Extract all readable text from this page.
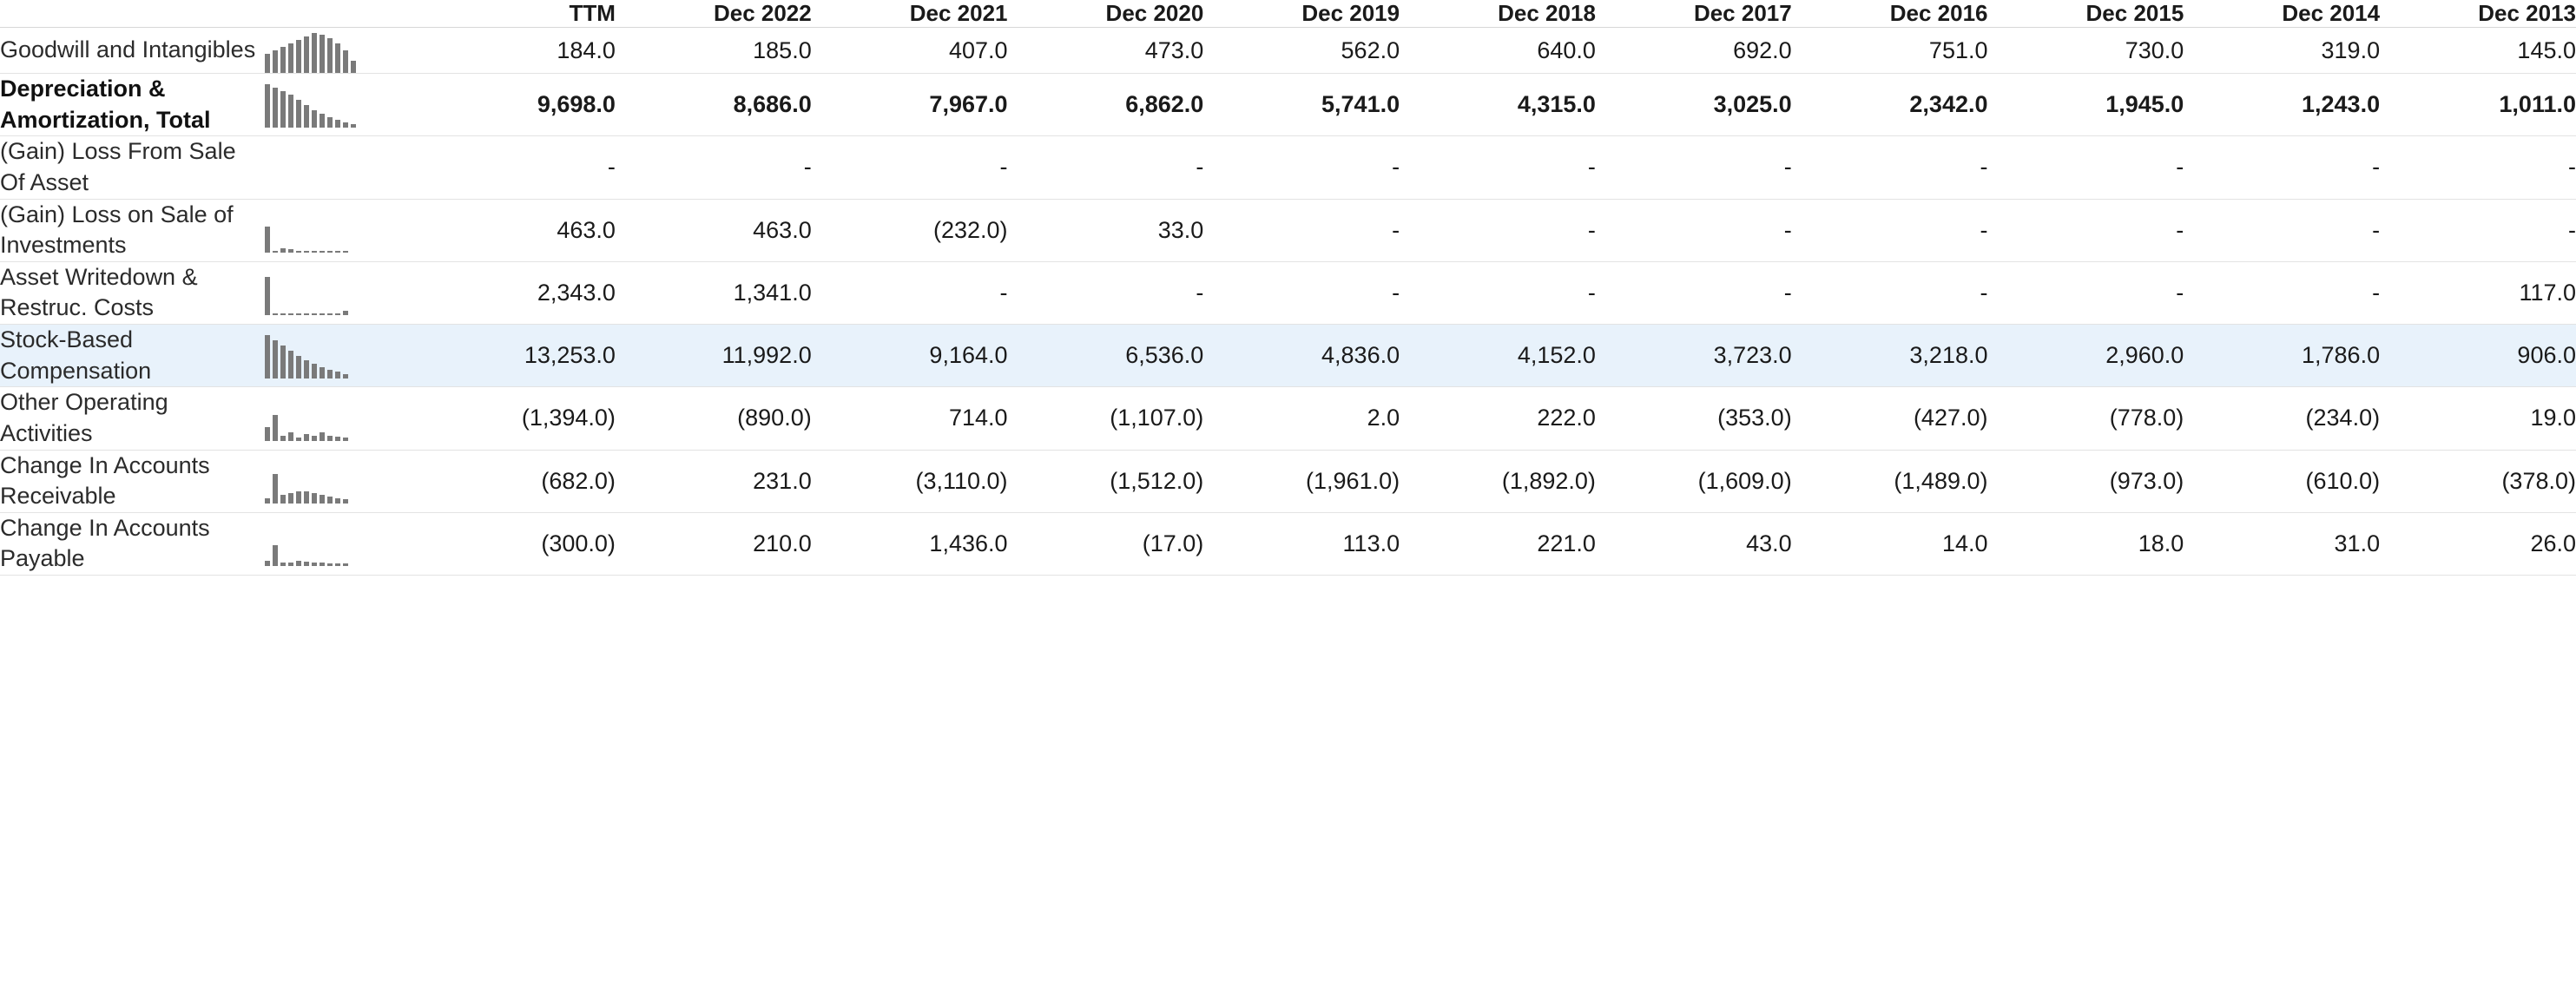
		TTM	Dec 2022	Dec 2021	Dec 2020	Dec 2019	Dec 2018	Dec 2017	Dec 2016	Dec 2015	Dec 2014	Dec 2013
Goodwill and Intangibles		184.0	185.0	407.0	473.0	562.0	640.0	692.0	751.0	730.0	319.0	145.0
Depreciation & Amortization, Total		9,698.0	8,686.0	7,967.0	6,862.0	5,741.0	4,315.0	3,025.0	2,342.0	1,945.0	1,243.0	1,011.0
(Gain) Loss From Sale Of Asset		-	-	-	-	-	-	-	-	-	-	-
(Gain) Loss on Sale of Investments		463.0	463.0	(232.0)	33.0	-	-	-	-	-	-	-
Asset Writedown & Restruc. Costs		2,343.0	1,341.0	-	-	-	-	-	-	-	-	117.0
Stock-Based Compensation		13,253.0	11,992.0	9,164.0	6,536.0	4,836.0	4,152.0	3,723.0	3,218.0	2,960.0	1,786.0	906.0
Other Operating Activities		(1,394.0)	(890.0)	714.0	(1,107.0)	2.0	222.0	(353.0)	(427.0)	(778.0)	(234.0)	19.0
Change In Accounts Receivable		(682.0)	231.0	(3,110.0)	(1,512.0)	(1,961.0)	(1,892.0)	(1,609.0)	(1,489.0)	(973.0)	(610.0)	(378.0)
Change In Accounts Payable		(300.0)	210.0	1,436.0	(17.0)	113.0	221.0	43.0	14.0	18.0	31.0	26.0
